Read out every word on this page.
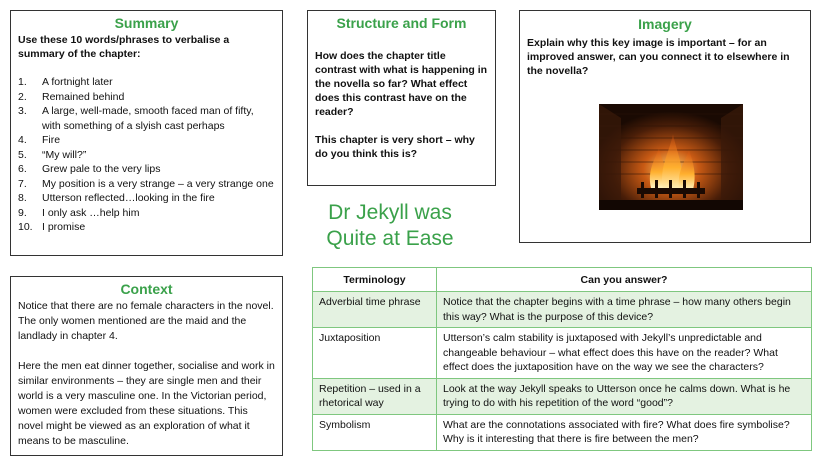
Summary
Use these 10 words/phrases to verbalise a summary of the chapter:
1.	A fortnight later
2.	Remained behind
3.	A large, well-made, smooth faced man of fifty, with something of a slyish cast perhaps
4.	Fire
5.	“My will?”
6.	Grew pale to the very lips
7.	My position is a very strange – a very strange one
8.	Utterson reflected…looking in the fire
9.	I only ask …help him
10. I promise
Structure and Form

How does the chapter title contrast with what is happening in the novella so far? What effect does this contrast have on the reader?

This chapter is very short – why do you think this is?

Imagery

Explain why this key image is important – for an improved answer, can you connect it to elsewhere in the novella?

Dr Jekyll was
Quite at Ease
Context

Notice that there are no female characters in the novel. The only women mentioned are the maid and the landlady in chapter 4.

Here the men eat dinner together, socialise and work in similar environments – they are single men and their world is a very masculine one. In the Victorian period, women were excluded from these situations. This novel might be viewed as an exploration of what it means to be masculine.

Terminology	Can you answer?
Adverbial time phrase	Notice that the chapter begins with a time phrase – how many others begin this way? What is the purpose of this device?
Juxtaposition	Utterson’s calm stability is juxtaposed with Jekyll’s unpredictable and changeable behaviour – what effect does this have on the reader? What effect does the juxtaposition have on the way we see the characters?
Repetition – used in a rhetorical way	Look at the way Jekyll speaks to Utterson once he calms down. What is he trying to do with his repetition of the word “good”?
Symbolism	What are the connotations associated with fire? What does fire symbolise? Why is it interesting that there is fire between the men?
